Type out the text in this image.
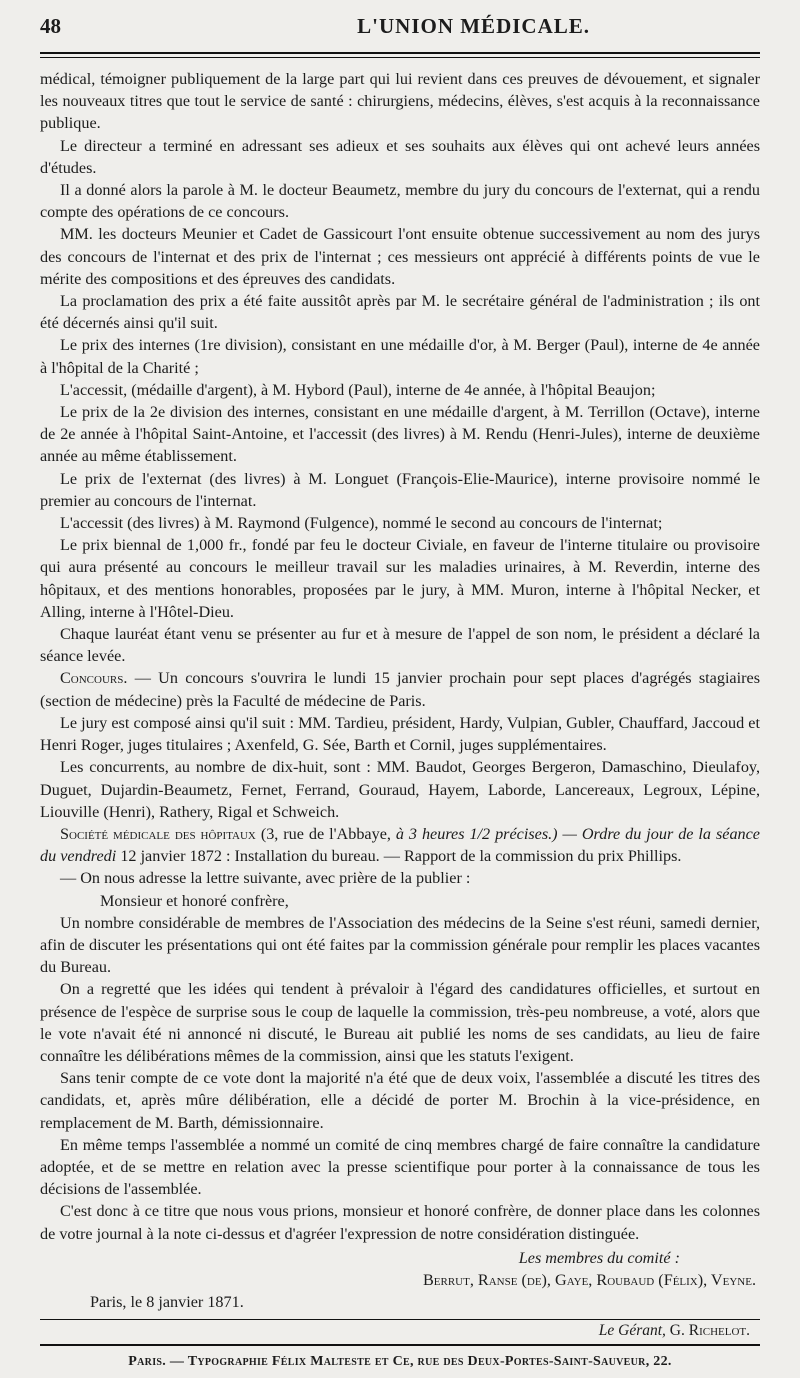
48	L'UNION MÉDICALE.

médical, témoigner publiquement de la large part qui lui revient dans ces preuves de dévouement, et signaler les nouveaux titres que tout le service de santé : chirurgiens, médecins, élèves, s'est acquis à la reconnaissance publique.

Le directeur a terminé en adressant ses adieux et ses souhaits aux élèves qui ont achevé leurs années d'études.

Il a donné alors la parole à M. le docteur Beaumetz, membre du jury du concours de l'externat, qui a rendu compte des opérations de ce concours.

MM. les docteurs Meunier et Cadet de Gassicourt l'ont ensuite obtenue successivement au nom des jurys des concours de l'internat et des prix de l'internat ; ces messieurs ont apprécié à différents points de vue le mérite des compositions et des épreuves des candidats.

La proclamation des prix a été faite aussitôt après par M. le secrétaire général de l'administration ; ils ont été décernés ainsi qu'il suit.

Le prix des internes (1re division), consistant en une médaille d'or, à M. Berger (Paul), interne de 4e année à l'hôpital de la Charité ;

L'accessit, (médaille d'argent), à M. Hybord (Paul), interne de 4e année, à l'hôpital Beaujon;

Le prix de la 2e division des internes, consistant en une médaille d'argent, à M. Terrillon (Octave), interne de 2e année à l'hôpital Saint-Antoine, et l'accessit (des livres) à M. Rendu (Henri-Jules), interne de deuxième année au même établissement.

Le prix de l'externat (des livres) à M. Longuet (François-Elie-Maurice), interne provisoire nommé le premier au concours de l'internat.

L'accessit (des livres) à M. Raymond (Fulgence), nommé le second au concours de l'internat;

Le prix biennal de 1,000 fr., fondé par feu le docteur Civiale, en faveur de l'interne titulaire ou provisoire qui aura présenté au concours le meilleur travail sur les maladies urinaires, à M. Reverdin, interne des hôpitaux, et des mentions honorables, proposées par le jury, à MM. Muron, interne à l'hôpital Necker, et Alling, interne à l'Hôtel-Dieu.

Chaque lauréat étant venu se présenter au fur et à mesure de l'appel de son nom, le président a déclaré la séance levée.

Concours. — Un concours s'ouvrira le lundi 15 janvier prochain pour sept places d'agrégés stagiaires (section de médecine) près la Faculté de médecine de Paris.

Le jury est composé ainsi qu'il suit : MM. Tardieu, président, Hardy, Vulpian, Gubler, Chauffard, Jaccoud et Henri Roger, juges titulaires ; Axenfeld, G. Sée, Barth et Cornil, juges supplémentaires.

Les concurrents, au nombre de dix-huit, sont : MM. Baudot, Georges Bergeron, Damaschino, Dieulafoy, Duguet, Dujardin-Beaumetz, Fernet, Ferrand, Gouraud, Hayem, Laborde, Lancereaux, Legroux, Lépine, Liouville (Henri), Rathery, Rigal et Schweich.

Société médicale des hôpitaux (3, rue de l'Abbaye, à 3 heures 1/2 précises.) — Ordre du jour de la séance du vendredi 12 janvier 1872 : Installation du bureau. — Rapport de la commission du prix Phillips.

— On nous adresse la lettre suivante, avec prière de la publier :

Monsieur et honoré confrère,

Un nombre considérable de membres de l'Association des médecins de la Seine s'est réuni, samedi dernier, afin de discuter les présentations qui ont été faites par la commission générale pour remplir les places vacantes du Bureau.

On a regretté que les idées qui tendent à prévaloir à l'égard des candidatures officielles, et surtout en présence de l'espèce de surprise sous le coup de laquelle la commission, très-peu nombreuse, a voté, alors que le vote n'avait été ni annoncé ni discuté, le Bureau ait publié les noms de ses candidats, au lieu de faire connaître les délibérations mêmes de la commission, ainsi que les statuts l'exigent.

Sans tenir compte de ce vote dont la majorité n'a été que de deux voix, l'assemblée a discuté les titres des candidats, et, après mûre délibération, elle a décidé de porter M. Brochin à la vice-présidence, en remplacement de M. Barth, démissionnaire.

En même temps l'assemblée a nommé un comité de cinq membres chargé de faire connaître la candidature adoptée, et de se mettre en relation avec la presse scientifique pour porter à la connaissance de tous les décisions de l'assemblée.

C'est donc à ce titre que nous vous prions, monsieur et honoré confrère, de donner place dans les colonnes de votre journal à la note ci-dessus et d'agréer l'expression de notre considération distinguée.

Les membres du comité :

Berrut, Ranse (de), Gaye, Roubaud (Félix), Veyne.

Paris, le 8 janvier 1871.

Le Gérant, G. Richelot.
Paris. — Typographie Félix Malteste et Ce, rue des Deux-Portes-Saint-Sauveur, 22.
